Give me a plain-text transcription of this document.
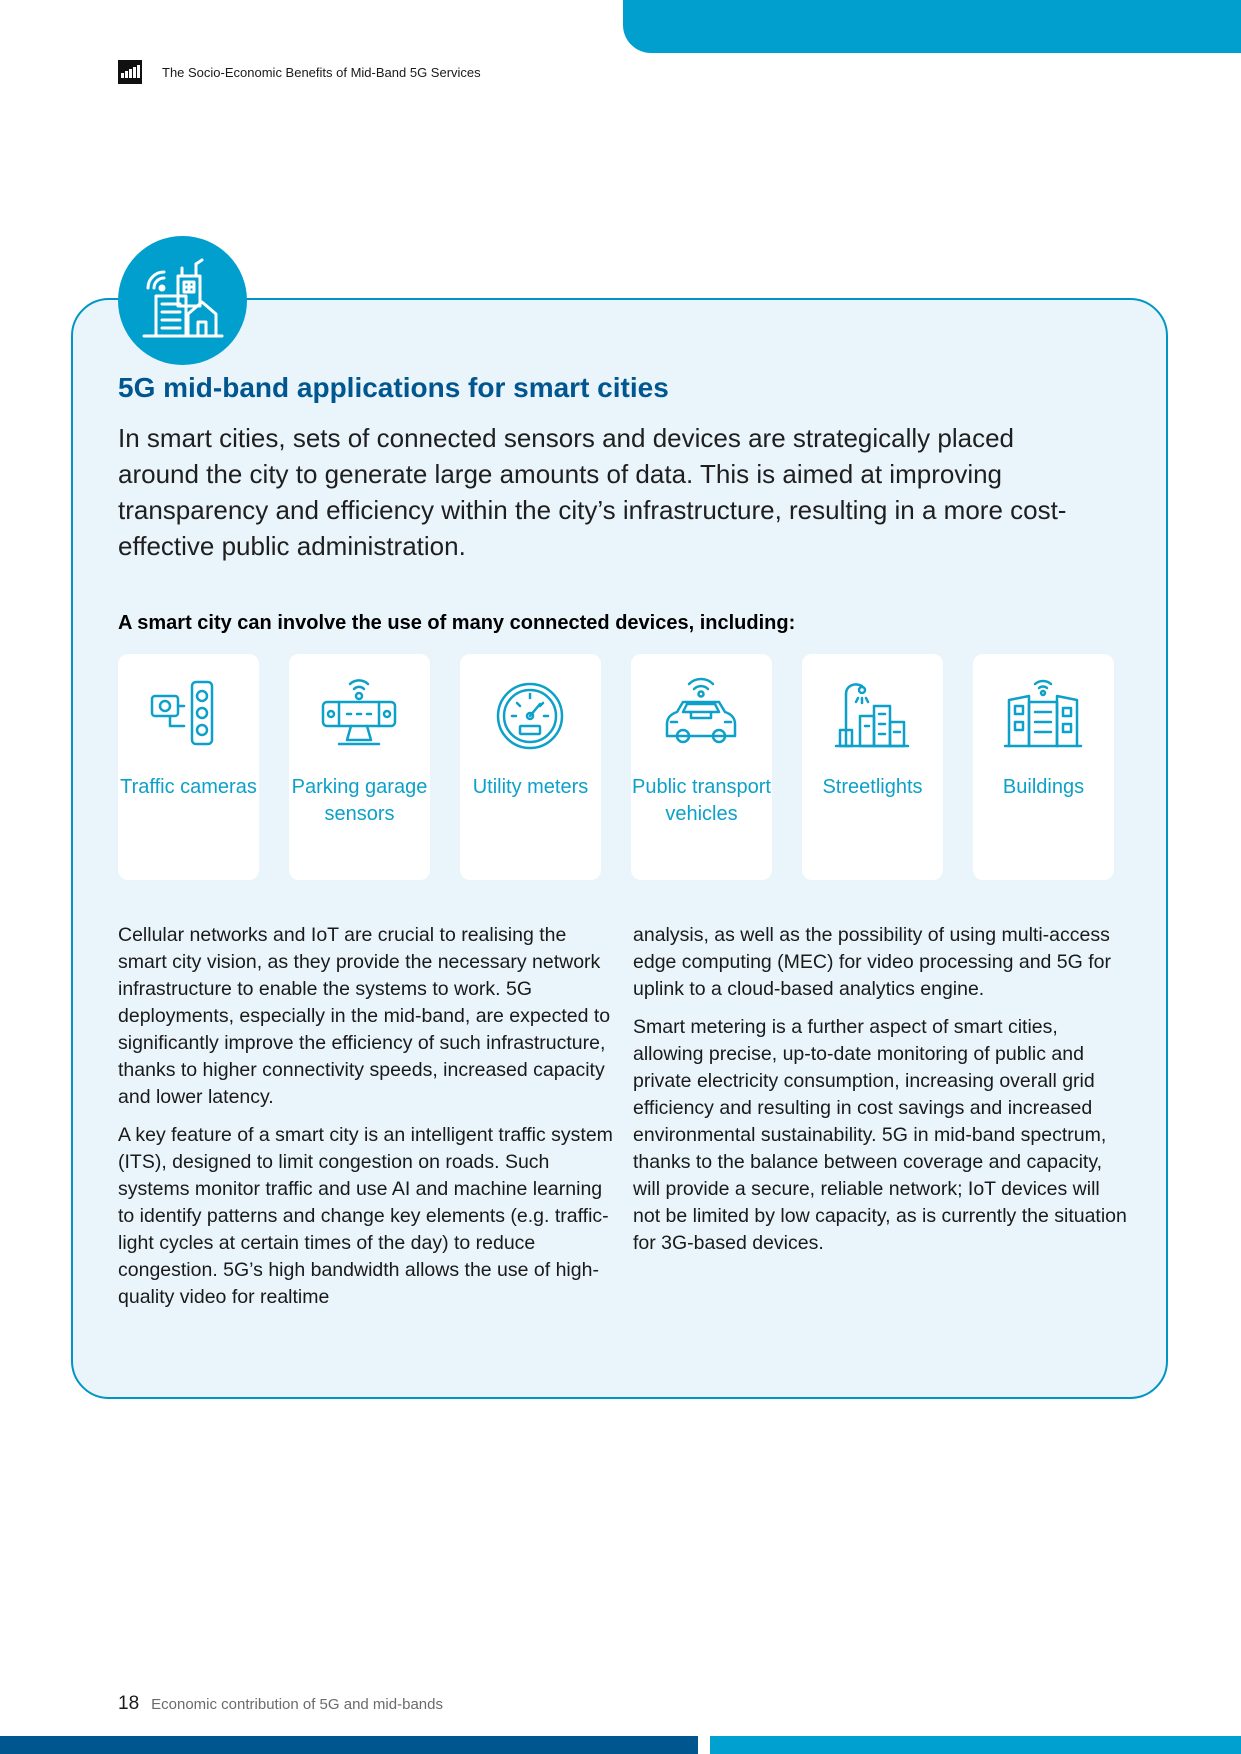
The Socio-Economic Benefits of Mid-Band 5G Services
5G mid-band applications for smart cities

In smart cities, sets of connected sensors and devices are strategically placed around the city to generate large amounts of data. This is aimed at improving transparency and efficiency within the city’s infrastructure, resulting in a more cost-effective public administration.

A smart city can involve the use of many connected devices, including:

Traffic cameras Parking garage sensors
Utility meters	Public transport vehicles
Streetlights	Buildings

Cellular networks and IoT are crucial to realising the smart city vision, as they provide the necessary network infrastructure to enable the systems to work. 5G deployments, especially in the mid-band, are expected to significantly improve the efficiency of such infrastructure, thanks to higher connectivity speeds, increased capacity and lower latency.

A key feature of a smart city is an intelligent traffic system (ITS), designed to limit congestion on roads. Such systems monitor traffic and use AI and machine learning to identify patterns and change key elements (e.g. traffic-light cycles at certain times of the day) to reduce congestion. 5G’s high bandwidth allows the use of high-quality video for realtime

analysis, as well as the possibility of using multi-access edge computing (MEC) for video processing and 5G for uplink to a cloud-based analytics engine.

Smart metering is a further aspect of smart cities, allowing precise, up-to-date monitoring of public and private electricity consumption, increasing overall grid efficiency and resulting in cost savings and increased environmental sustainability. 5G in mid-band spectrum, thanks to the balance between coverage and capacity, will provide a secure, reliable network; IoT devices will not be limited by low capacity, as is currently the situation for 3G-based devices.

18 Economic contribution of 5G and mid-bands
